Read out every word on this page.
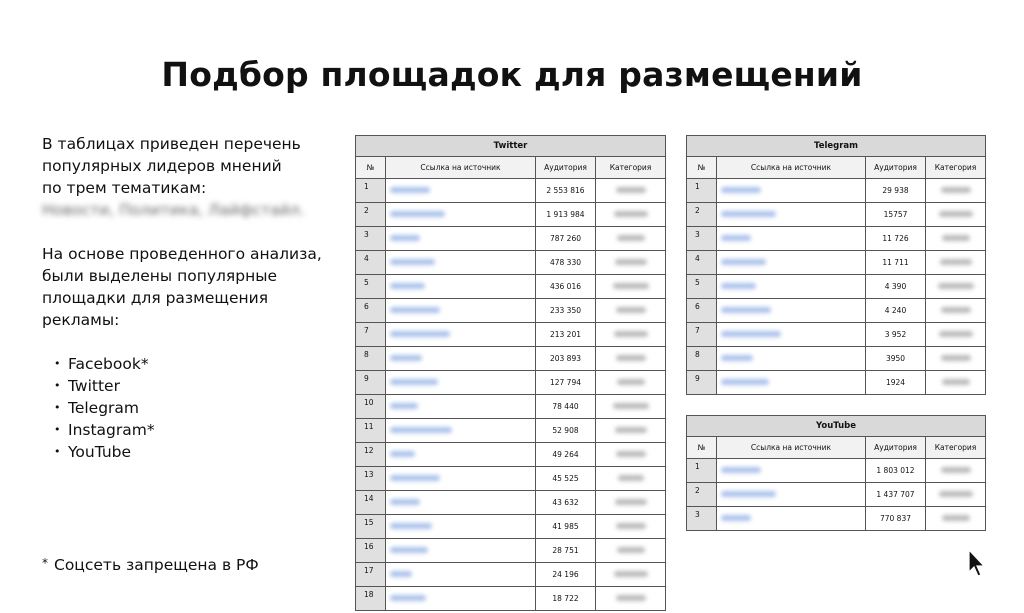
Подбор площадок для размещений

В таблицах приведен перечень

популярных лидеров мнений

по трем тематикам:

Новости, Политика, Лайфстайл.

На основе проведенного анализа,

были выделены популярные

площадки для размещения

рекламы:

• Facebook*
• Twitter
• Telegram
• Instagram*
• YouTube
* Соцсеть запрещена в РФ
Twitter			
№	Ссылка на источник	Аудитория	Категория
1		2 553 816	
2		1 913 984	
3		787 260	
4		478 330	
5		436 016	
6		233 350	
7		213 201	
8		203 893	
9		127 794	
10		78 440	
11		52 908	
12		49 264	
13		45 525	
14		43 632	
15		41 985	
16		28 751	
17		24 196	
18		18 722	
Telegram			
№	Ссылка на источник	Аудитория	Категория
1		29 938	
2		15757	
3		11 726	
4		11 711	
5		4 390	
6		4 240	
7		3 952	
8		3950	
9		1924	
YouTube			
№	Ссылка на источник	Аудитория	Категория
1		1 803 012	
2		1 437 707	
3		770 837	
